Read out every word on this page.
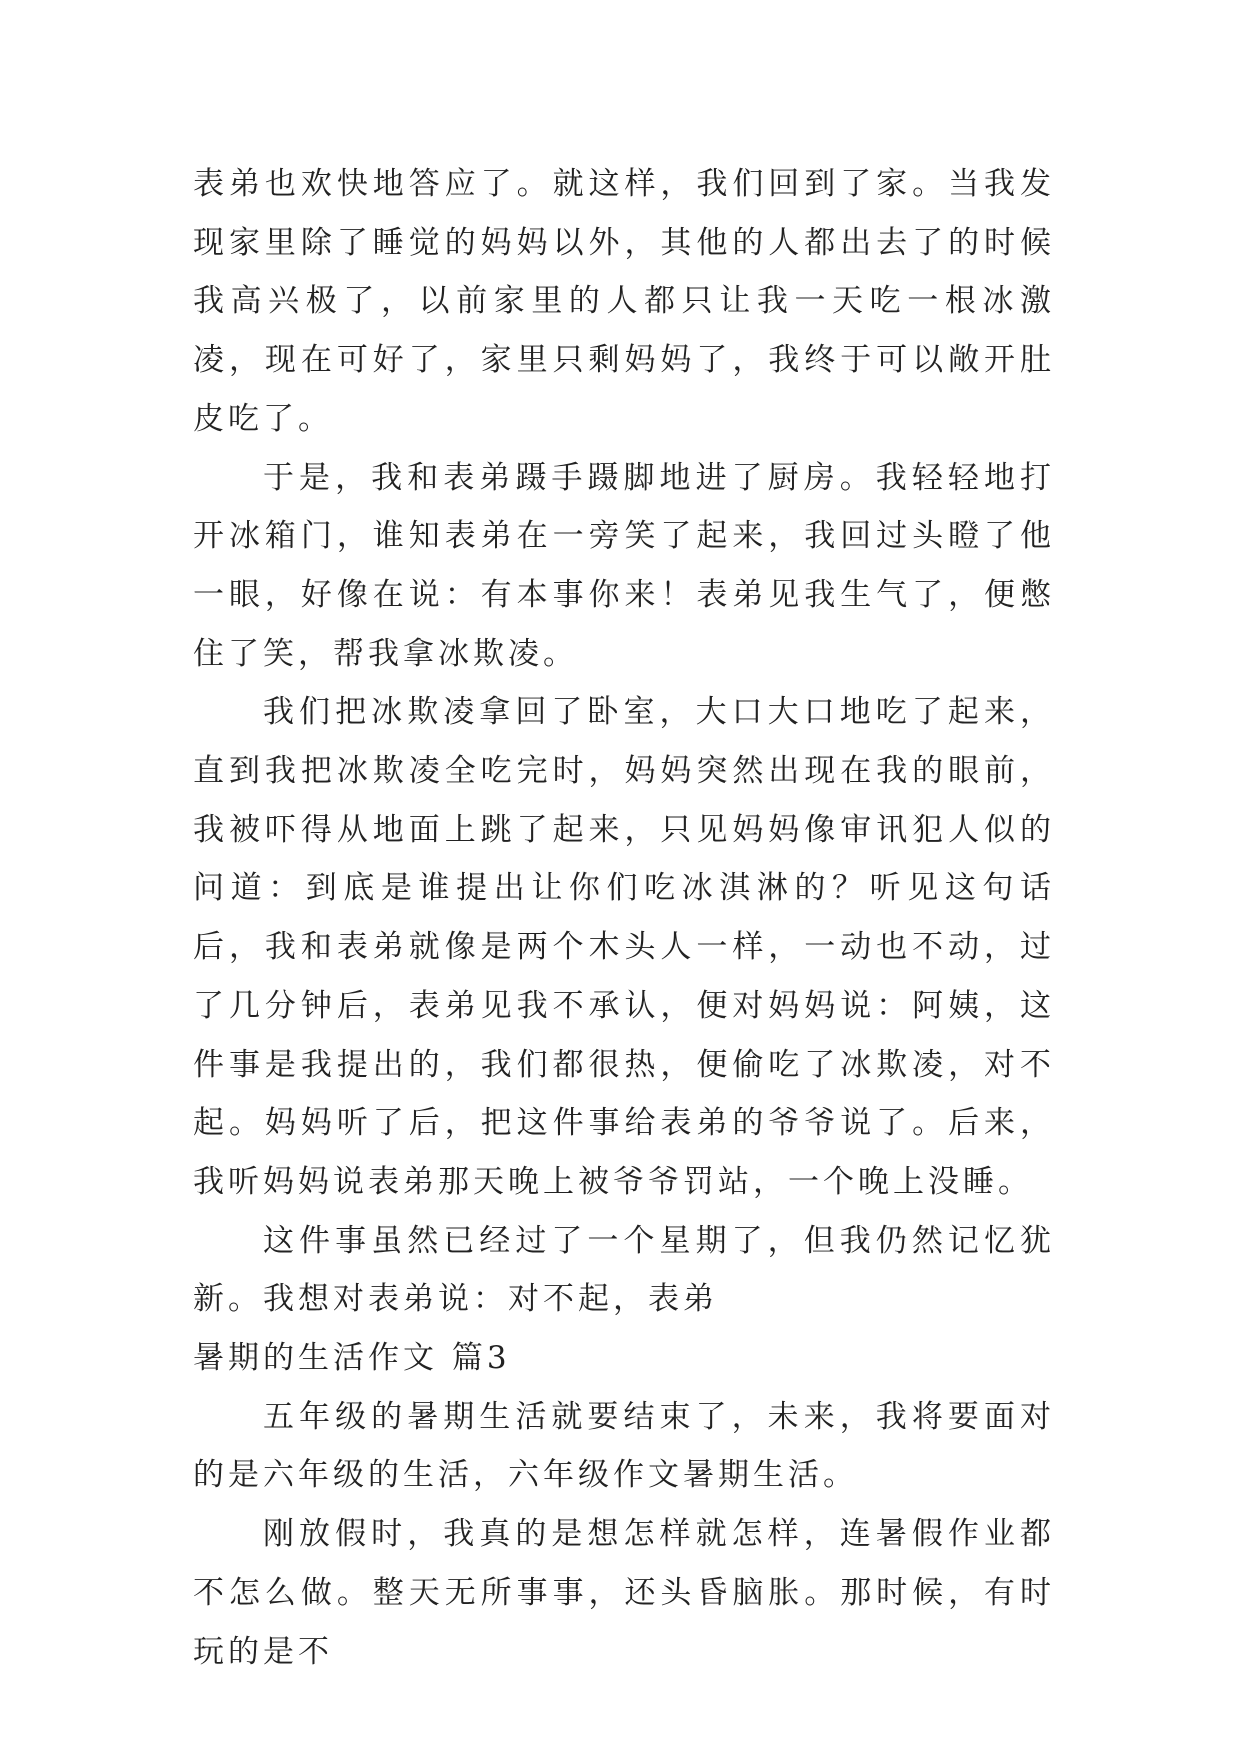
表弟也欢快地答应了。就这样，我们回到了家。当我发现家里除了睡觉的妈妈以外，其他的人都出去了的时候我高兴极了，以前家里的人都只让我一天吃一根冰激凌，现在可好了，家里只剩妈妈了，我终于可以敞开肚皮吃了。

于是，我和表弟蹑手蹑脚地进了厨房。我轻轻地打开冰箱门，谁知表弟在一旁笑了起来，我回过头瞪了他一眼，好像在说：有本事你来！表弟见我生气了，便憋住了笑，帮我拿冰欺凌。

我们把冰欺凌拿回了卧室，大口大口地吃了起来，直到我把冰欺凌全吃完时，妈妈突然出现在我的眼前，我被吓得从地面上跳了起来，只见妈妈像审讯犯人似的问道：到底是谁提出让你们吃冰淇淋的？听见这句话后，我和表弟就像是两个木头人一样，一动也不动，过了几分钟后，表弟见我不承认，便对妈妈说：阿姨，这件事是我提出的，我们都很热，便偷吃了冰欺凌，对不起。妈妈听了后，把这件事给表弟的爷爷说了。后来，我听妈妈说表弟那天晚上被爷爷罚站，一个晚上没睡。

这件事虽然已经过了一个星期了，但我仍然记忆犹新。我想对表弟说：对不起，表弟

暑期的生活作文 篇3

五年级的暑期生活就要结束了，未来，我将要面对的是六年级的生活，六年级作文暑期生活。

刚放假时，我真的是想怎样就怎样，连暑假作业都不怎么做。整天无所事事，还头昏脑胀。那时候，有时玩的是不
